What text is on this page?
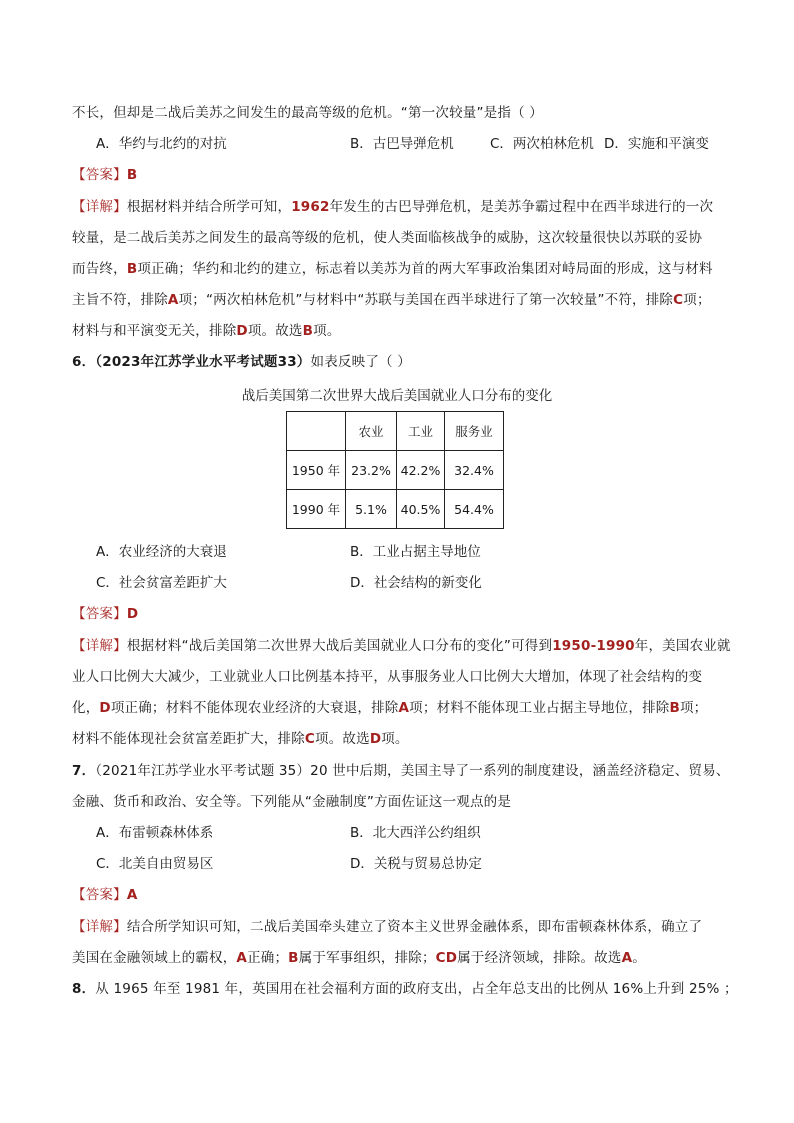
不长，但却是二战后美苏之间发生的最高等级的危机。“第一次较量”是指（ ）
A．华约与北约的对抗	B．古巴导弹危机	C．两次柏林危机 D．实施和平演变
【答案】B
【详解】根据材料并结合所学可知，1962年发生的古巴导弹危机，是美苏争霸过程中在西半球进行的一次
较量，是二战后美苏之间发生的最高等级的危机，使人类面临核战争的威胁，这次较量很快以苏联的妥协
而告终，B项正确；华约和北约的建立，标志着以美苏为首的两大军事政治集团对峙局面的形成，这与材料
主旨不符，排除A项；“两次柏林危机”与材料中“苏联与美国在西半球进行了第一次较量”不符，排除C项；
材料与和平演变无关，排除D项。故选B项。
6．（2023年江苏学业水平考试题33）如表反映了（ ）
战后美国第二次世界大战后美国就业人口分布的变化
	农业	工业	服务业
1950 年	23.2%	42.2%	32.4%
1990 年	5.1%	40.5%	54.4%
A．农业经济的大衰退	B．工业占据主导地位
C．社会贫富差距扩大	D．社会结构的新变化
【答案】D
【详解】根据材料“战后美国第二次世界大战后美国就业人口分布的变化”可得到1950-1990年，美国农业就
业人口比例大大减少，工业就业人口比例基本持平，从事服务业人口比例大大增加，体现了社会结构的变
化，D项正确；材料不能体现农业经济的大衰退，排除A项；材料不能体现工业占据主导地位，排除B项；
材料不能体现社会贫富差距扩大，排除C项。故选D项。
7．（2021年江苏学业水平考试题 35）20 世中后期，美国主导了一系列的制度建设，涵盖经济稳定、贸易、
金融、货币和政治、安全等。下列能从“金融制度”方面佐证这一观点的是
A．布雷顿森林体系	B．北大西洋公约组织
C．北美自由贸易区	D．关税与贸易总协定
【答案】A
【详解】结合所学知识可知，二战后美国牵头建立了资本主义世界金融体系，即布雷顿森林体系，确立了
美国在金融领域上的霸权，A正确；B属于军事组织，排除；CD属于经济领域，排除。故选A。
8．从 1965 年至 1981 年，英国用在社会福利方面的政府支出，占全年总支出的比例从 16%上升到 25% ；
